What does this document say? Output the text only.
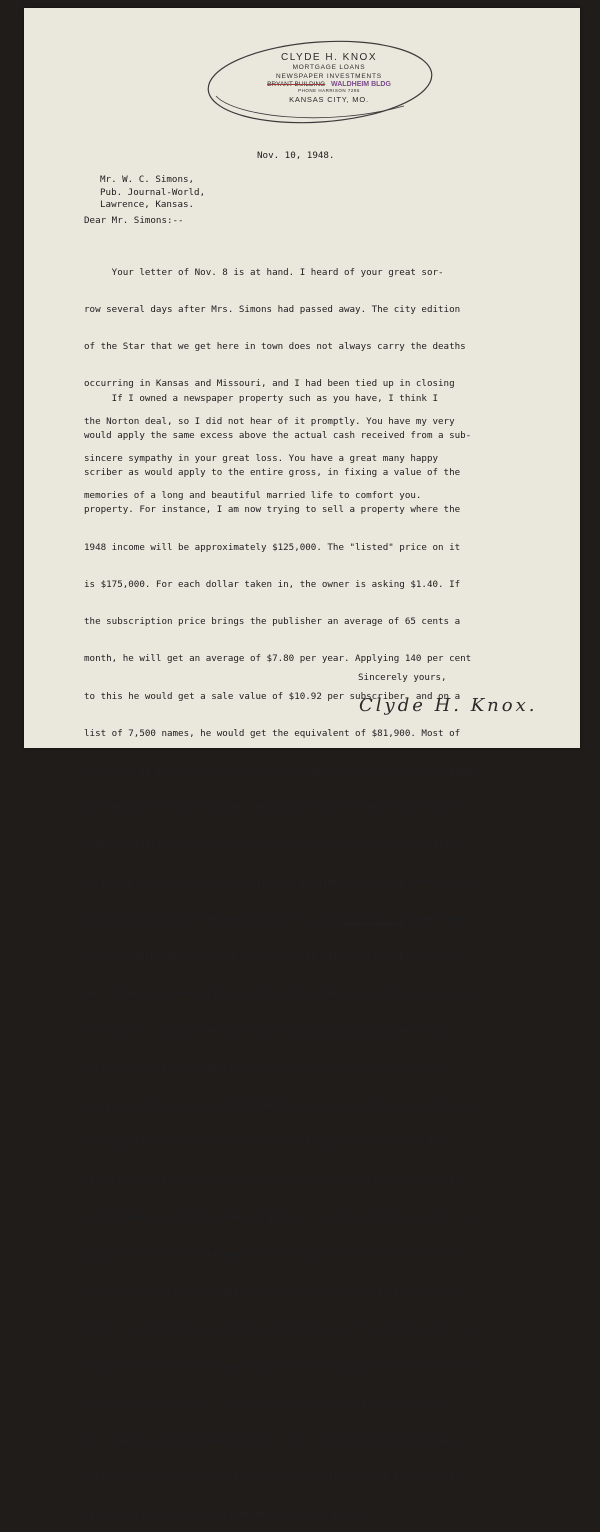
CLYDE H. KNOX
MORTGAGE LOANS
NEWSPAPER INVESTMENTS
BRYANT BUILDING WALDHEIM BLDG
PHONE HARRISON 7295
KANSAS CITY, MO.
Nov. 10, 1948.
Mr. W. C. Simons,
Pub. Journal-World,
Lawrence, Kansas.
Dear Mr. Simons:--

Your letter of Nov. 8 is at hand. I heard of your great sor-

row several days after Mrs. Simons had passed away. The city edition

of the Star that we get here in town does not always carry the deaths

occurring in Kansas and Missouri, and I had been tied up in closing

the Norton deal, so I did not hear of it promptly. You have my very

sincere sympathy in your great loss. You have a great many happy

memories of a long and beautiful married life to comfort you.

If I owned a newspaper property such as you have, I think I

would apply the same excess above the actual cash received from a sub-

scriber as would apply to the entire gross, in fixing a value of the

property. For instance, I am now trying to sell a property where the

1948 income will be approximately $125,000. The "listed" price on it

is $175,000. For each dollar taken in, the owner is asking $1.40. If

the subscription price brings the publisher an average of 65 cents a

month, he will get an average of $7.80 per year. Applying 140 per cent

to this he would get a sale value of $10.92 per subscriber, and on a

list of 7,500 names, he would get the equivalent of $81,900. Most of

the listings I have want about the gross income from all sources, plus

all the way from 15 to 60 per cent above that. It seems to me to be

fair to figure a subscriber's name is worth at least the same ratio

as is applied to the total receipts. I imagine a good many owners would

say now that a bona fide subscription is worth fully 1 1/2 times what

he pays. Much the same results will prevail if you take what you make

net, after your own salary is taken out, after reasonable depreciation

is taken out, but before taxes are taken out, and apply the 15 per

cent basis to it. For instance, corporation taxes are on one basis;

all personally owned or all partnership owned properties are subject to

a very different tax basis. That is why I say "before" taxes. But a

property clearing, before taxes, $30,000, would certainly be saleable

at $200,000 (6 2/3 times the profit) and I could probably get more than

$200,000. But if the statement is analyzed closely, I think the result

per subscriber will not differ very much from the basis I have used

above. The old idea was to put in circulation, A. P. and so on, all as

"good will," but the new operation basis has changed all this and made

it obsolete, as an A. P. is now carried in most offices at $1 only.

If I can give you any more light on this, do not hesitate to write me

again. I owe you any service that I can possibly render for you. With

kindest wishes and the very highest regards, I am

Sincerely yours,
Clyde H. Knox.
